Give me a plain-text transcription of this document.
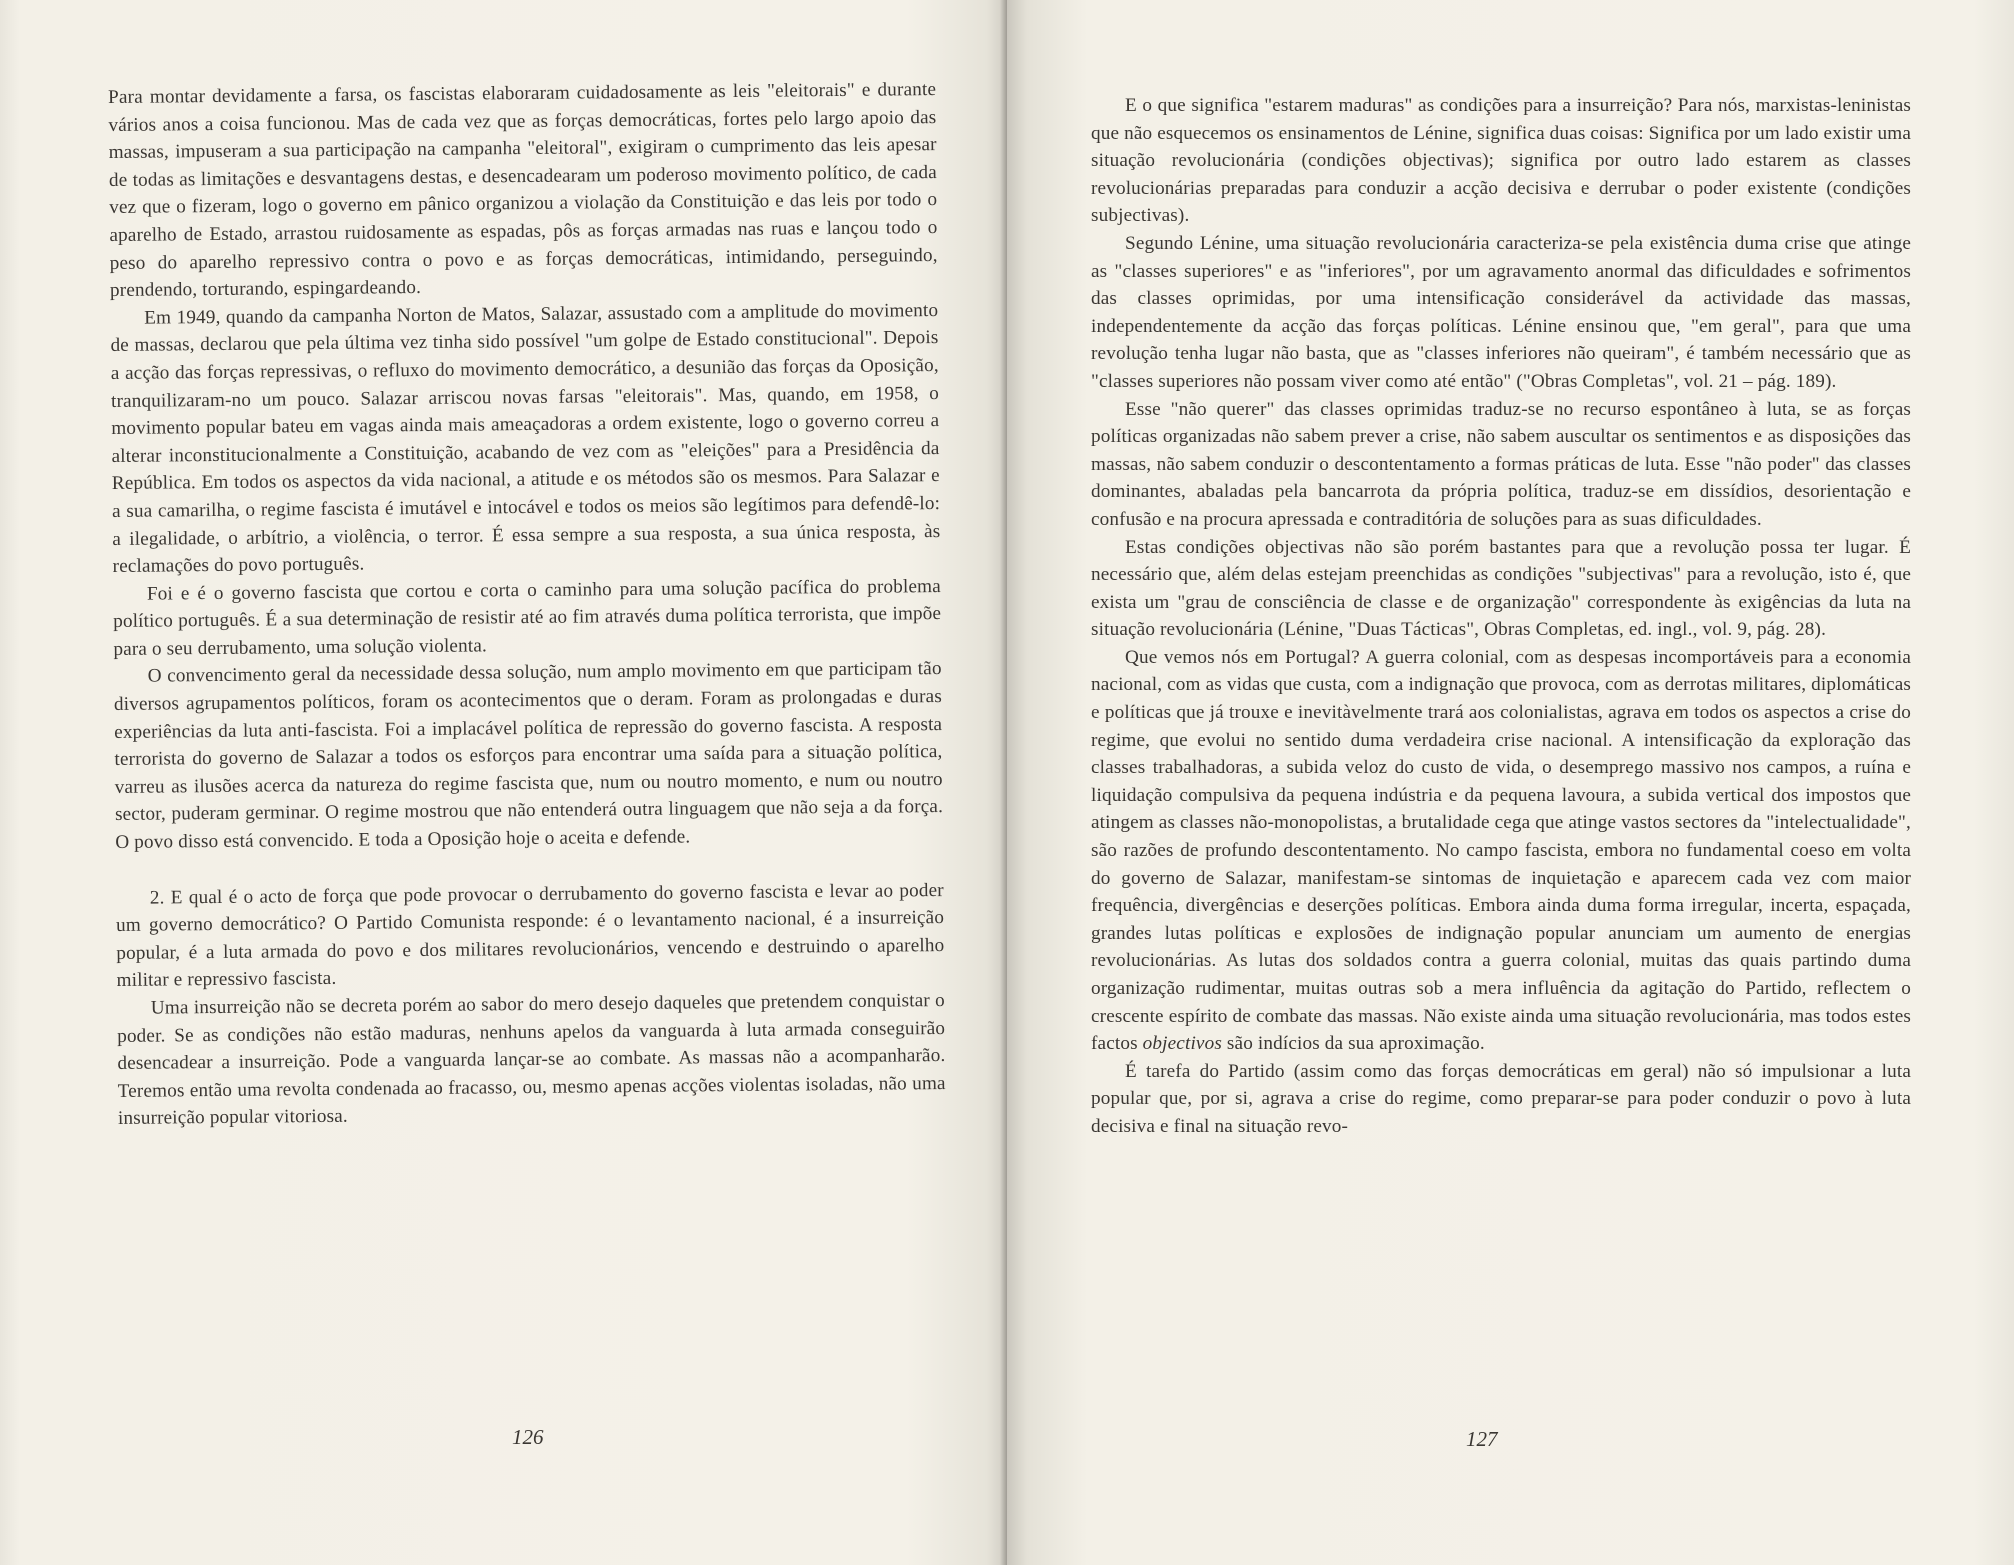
Para montar devidamente a farsa, os fascistas elaboraram cuidadosamente as leis "eleitorais" e durante vários anos a coisa funcionou. Mas de cada vez que as forças democráticas, fortes pelo largo apoio das massas, impuseram a sua participação na campanha "eleitoral", exigiram o cumprimento das leis apesar de todas as limitações e desvantagens destas, e desencadearam um poderoso movimento político, de cada vez que o fizeram, logo o governo em pânico organizou a violação da Constituição e das leis por todo o aparelho de Estado, arrastou ruidosamente as espadas, pôs as forças armadas nas ruas e lançou todo o peso do aparelho repressivo contra o povo e as forças democráticas, intimidando, perseguindo, prendendo, torturando, espingardeando.

Em 1949, quando da campanha Norton de Matos, Salazar, assustado com a amplitude do movimento de massas, declarou que pela última vez tinha sido possível "um golpe de Estado constitucional". Depois a acção das forças repressivas, o refluxo do movimento democrático, a desunião das forças da Oposição, tranquilizaram-no um pouco. Salazar arriscou novas farsas "eleitorais". Mas, quando, em 1958, o movimento popular bateu em vagas ainda mais ameaçadoras a ordem existente, logo o governo correu a alterar inconstitucionalmente a Constituição, acabando de vez com as "eleições" para a Presidência da República. Em todos os aspectos da vida nacional, a atitude e os métodos são os mesmos. Para Salazar e a sua camarilha, o regime fascista é imutável e intocável e todos os meios são legítimos para defendê-lo: a ilegalidade, o arbítrio, a violência, o terror. É essa sempre a sua resposta, a sua única resposta, às reclamações do povo português.

Foi e é o governo fascista que cortou e corta o caminho para uma solução pacífica do problema político português. É a sua determinação de resistir até ao fim através duma política terrorista, que impõe para o seu derrubamento, uma solução violenta.

O convencimento geral da necessidade dessa solução, num amplo movimento em que participam tão diversos agrupamentos políticos, foram os acontecimentos que o deram. Foram as prolongadas e duras experiências da luta anti-fascista. Foi a implacável política de repressão do governo fascista. A resposta terrorista do governo de Salazar a todos os esforços para encontrar uma saída para a situação política, varreu as ilusões acerca da natureza do regime fascista que, num ou noutro momento, e num ou noutro sector, puderam germinar. O regime mostrou que não entenderá outra linguagem que não seja a da força. O povo disso está convencido. E toda a Oposição hoje o aceita e defende.

2. E qual é o acto de força que pode provocar o derrubamento do governo fascista e levar ao poder um governo democrático? O Partido Comunista responde: é o levantamento nacional, é a insurreição popular, é a luta armada do povo e dos militares revolucionários, vencendo e destruindo o aparelho militar e repressivo fascista.

Uma insurreição não se decreta porém ao sabor do mero desejo daqueles que pretendem conquistar o poder. Se as condições não estão maduras, nenhuns apelos da vanguarda à luta armada conseguirão desencadear a insurreição. Pode a vanguarda lançar-se ao combate. As massas não a acompanharão. Teremos então uma revolta condenada ao fracasso, ou, mesmo apenas acções violentas isoladas, não uma insurreição popular vitoriosa.

126

E o que significa "estarem maduras" as condições para a insurreição? Para nós, marxistas-leninistas que não esquecemos os ensinamentos de Lénine, significa duas coisas: Significa por um lado existir uma situação revolucionária (condições objectivas); significa por outro lado estarem as classes revolucionárias preparadas para conduzir a acção decisiva e derrubar o poder existente (condições subjectivas).

Segundo Lénine, uma situação revolucionária caracteriza-se pela existência duma crise que atinge as "classes superiores" e as "inferiores", por um agravamento anormal das dificuldades e sofrimentos das classes oprimidas, por uma intensificação considerável da actividade das massas, independentemente da acção das forças políticas. Lénine ensinou que, "em geral", para que uma revolução tenha lugar não basta, que as "classes inferiores não queiram", é também necessário que as "classes superiores não possam viver como até então" ("Obras Completas", vol. 21 – pág. 189).

Esse "não querer" das classes oprimidas traduz-se no recurso espontâneo à luta, se as forças políticas organizadas não sabem prever a crise, não sabem auscultar os sentimentos e as disposições das massas, não sabem conduzir o descontentamento a formas práticas de luta. Esse "não poder" das classes dominantes, abaladas pela bancarrota da própria política, traduz-se em dissídios, desorientação e confusão e na procura apressada e contraditória de soluções para as suas dificuldades.

Estas condições objectivas não são porém bastantes para que a revolução possa ter lugar. É necessário que, além delas estejam preenchidas as condições "subjectivas" para a revolução, isto é, que exista um "grau de consciência de classe e de organização" correspondente às exigências da luta na situação revolucionária (Lénine, "Duas Tácticas", Obras Completas, ed. ingl., vol. 9, pág. 28).

Que vemos nós em Portugal? A guerra colonial, com as despesas incomportáveis para a economia nacional, com as vidas que custa, com a indignação que provoca, com as derrotas militares, diplomáticas e políticas que já trouxe e inevitàvelmente trará aos colonialistas, agrava em todos os aspectos a crise do regime, que evolui no sentido duma verdadeira crise nacional. A intensificação da exploração das classes trabalhadoras, a subida veloz do custo de vida, o desemprego massivo nos campos, a ruína e liquidação compulsiva da pequena indústria e da pequena lavoura, a subida vertical dos impostos que atingem as classes não-monopolistas, a brutalidade cega que atinge vastos sectores da "intelectualidade", são razões de profundo descontentamento. No campo fascista, embora no fundamental coeso em volta do governo de Salazar, manifestam-se sintomas de inquietação e aparecem cada vez com maior frequência, divergências e deserções políticas. Embora ainda duma forma irregular, incerta, espaçada, grandes lutas políticas e explosões de indignação popular anunciam um aumento de energias revolucionárias. As lutas dos soldados contra a guerra colonial, muitas das quais partindo duma organização rudimentar, muitas outras sob a mera influência da agitação do Partido, reflectem o crescente espírito de combate das massas. Não existe ainda uma situação revolucionária, mas todos estes factos objectivos são indícios da sua aproximação.

É tarefa do Partido (assim como das forças democráticas em geral) não só impulsionar a luta popular que, por si, agrava a crise do regime, como preparar-se para poder conduzir o povo à luta decisiva e final na situação revo-

127
